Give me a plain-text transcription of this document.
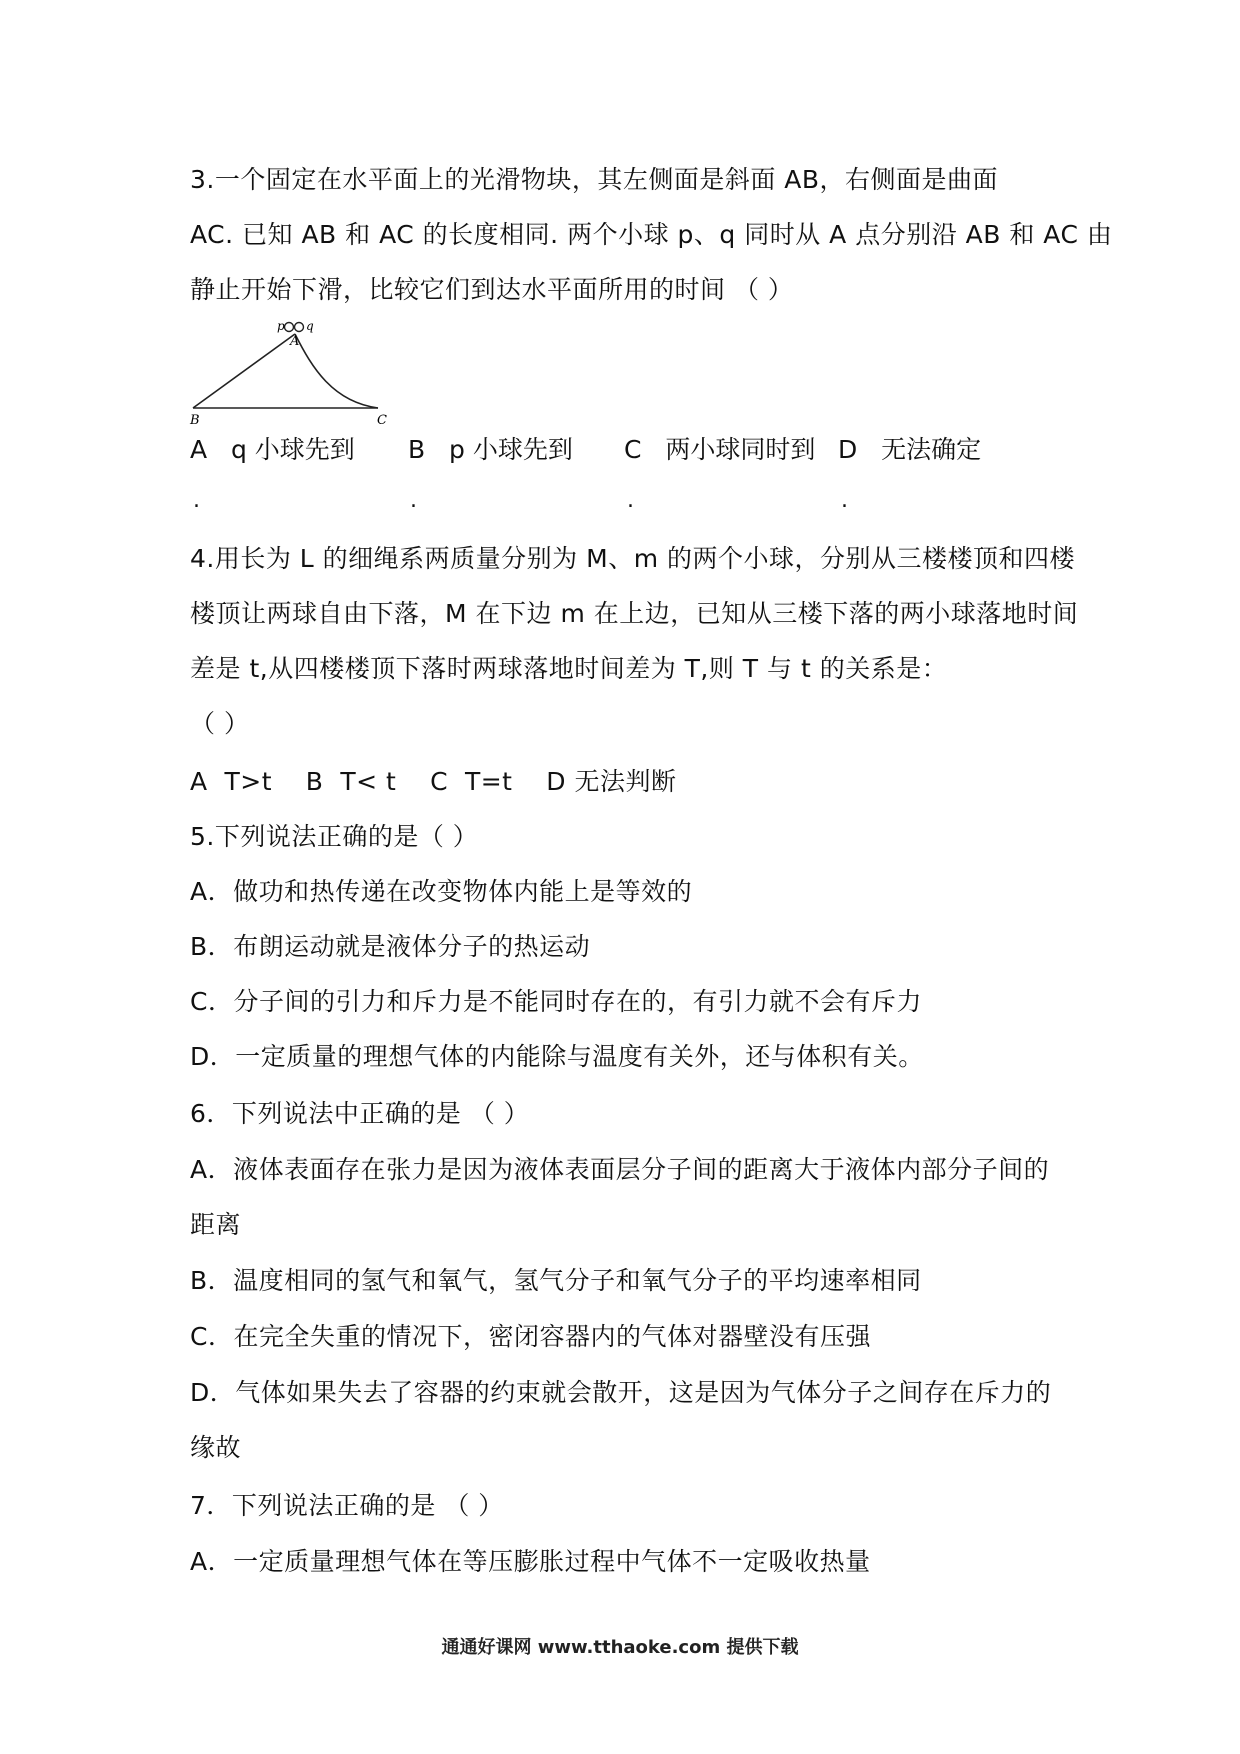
3.一个固定在水平面上的光滑物块，其左侧面是斜面 AB，右侧面是曲面
AC. 已知 AB 和 AC 的长度相同. 两个小球 p、q 同时从 A 点分别沿 AB 和 AC 由
静止开始下滑，比较它们到达水平面所用的时间 （ ）
p q
A
B	C
A q 小球先到 B p 小球先到 C 两小球同时到 D 无法确定
.	.	.	.
4.用长为 L 的细绳系两质量分别为 M、m 的两个小球，分别从三楼楼顶和四楼
楼顶让两球自由下落，M 在下边 m 在上边，已知从三楼下落的两小球落地时间
差是 t,从四楼楼顶下落时两球落地时间差为 T,则 T 与 t 的关系是：
（ ）
A  T>t    B  T< t    C  T=t    D 无法判断
5.下列说法正确的是（ ）
A．做功和热传递在改变物体内能上是等效的
B．布朗运动就是液体分子的热运动
C．分子间的引力和斥力是不能同时存在的，有引力就不会有斥力
D．一定质量的理想气体的内能除与温度有关外，还与体积有关。
6．下列说法中正确的是 （ ）
A．液体表面存在张力是因为液体表面层分子间的距离大于液体内部分子间的
距离
B．温度相同的氢气和氧气，氢气分子和氧气分子的平均速率相同
C．在完全失重的情况下，密闭容器内的气体对器壁没有压强
D．气体如果失去了容器的约束就会散开，这是因为气体分子之间存在斥力的
缘故
7．下列说法正确的是 （ ）
A．一定质量理想气体在等压膨胀过程中气体不一定吸收热量
通通好课网 www.tthaoke.com 提供下载
